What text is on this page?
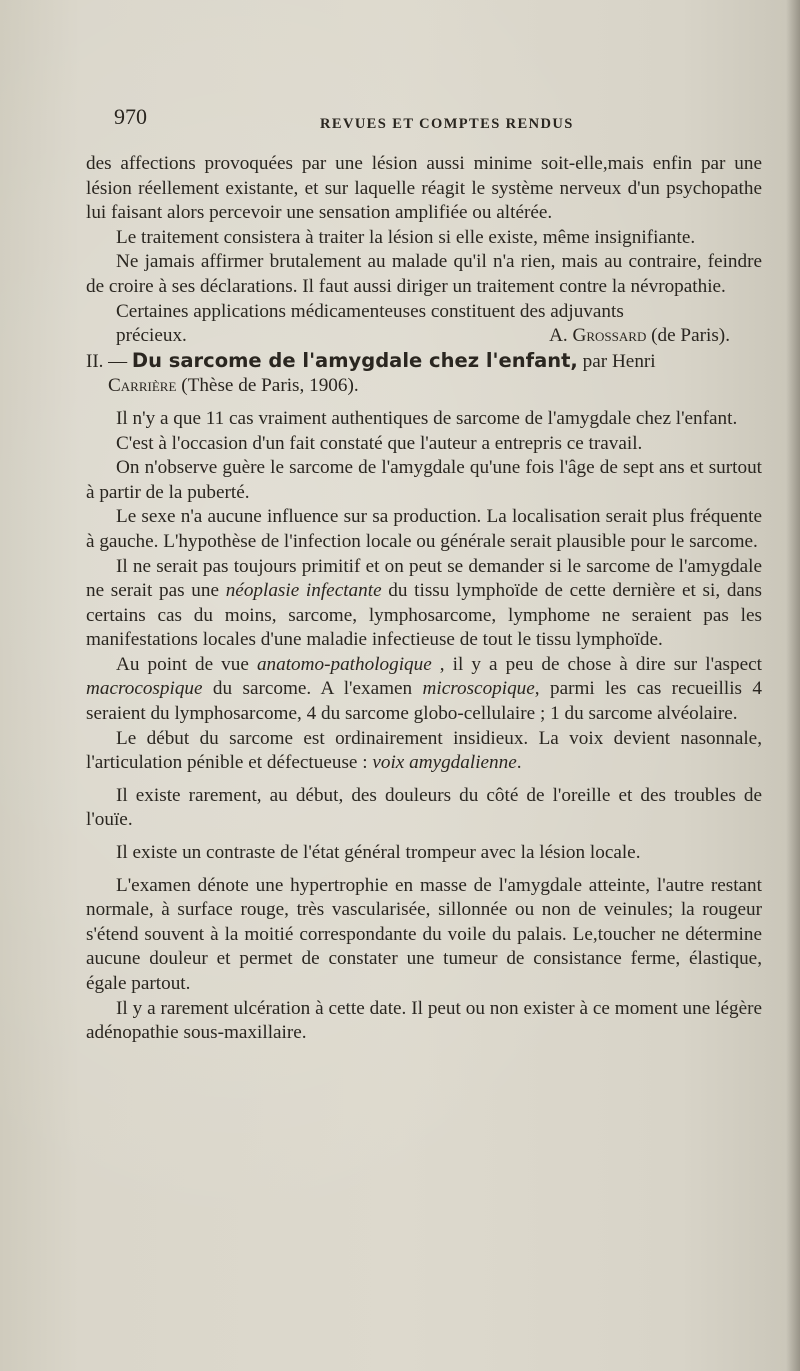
970	REVUES ET COMPTES RENDUS

des affections provoquées par une lésion aussi minime soit-elle,mais enfin par une lésion réellement existante, et sur laquelle réagit le système nerveux d'un psychopathe lui faisant alors percevoir une sensation amplifiée ou altérée.

Le traitement consistera à traiter la lésion si elle existe, même insignifiante.

Ne jamais affirmer brutalement au malade qu'il n'a rien, mais au contraire, feindre de croire à ses déclarations. Il faut aussi diriger un traitement contre la névropathie.

Certaines applications médicamenteuses constituent des adjuvants

précieux.	A. Grossard (de Paris).

II. — Du sarcome de l'amygdale chez l'enfant, par Henri

Carrière (Thèse de Paris, 1906).

Il n'y a que 11 cas vraiment authentiques de sarcome de l'amygdale chez l'enfant.

C'est à l'occasion d'un fait constaté que l'auteur a entrepris ce travail.

On n'observe guère le sarcome de l'amygdale qu'une fois l'âge de sept ans et surtout à partir de la puberté.

Le sexe n'a aucune influence sur sa production. La localisation serait plus fréquente à gauche. L'hypothèse de l'infection locale ou générale serait plausible pour le sarcome.

Il ne serait pas toujours primitif et on peut se demander si le sarcome de l'amygdale ne serait pas une néoplasie infectante du tissu lymphoïde de cette dernière et si, dans certains cas du moins, sarcome, lymphosarcome, lymphome ne seraient pas les manifestations locales d'une maladie infectieuse de tout le tissu lymphoïde.

Au point de vue anatomo-pathologique , il y a peu de chose à dire sur l'aspect macrocospique du sarcome. A l'examen microscopique, parmi les cas recueillis 4 seraient du lymphosarcome, 4 du sarcome globo-cellulaire ; 1 du sarcome alvéolaire.

Le début du sarcome est ordinairement insidieux. La voix devient nasonnale, l'articulation pénible et défectueuse : voix amygdalienne.

Il existe rarement, au début, des douleurs du côté de l'oreille et des troubles de l'ouïe.

Il existe un contraste de l'état général trompeur avec la lésion locale.

L'examen dénote une hypertrophie en masse de l'amygdale atteinte, l'autre restant normale, à surface rouge, très vascularisée, sillonnée ou non de veinules; la rougeur s'étend souvent à la moitié correspondante du voile du palais. Le,toucher ne détermine aucune douleur et permet de constater une tumeur de consistance ferme, élastique, égale partout.

Il y a rarement ulcération à cette date. Il peut ou non exister à ce moment une légère adénopathie sous-maxillaire.
